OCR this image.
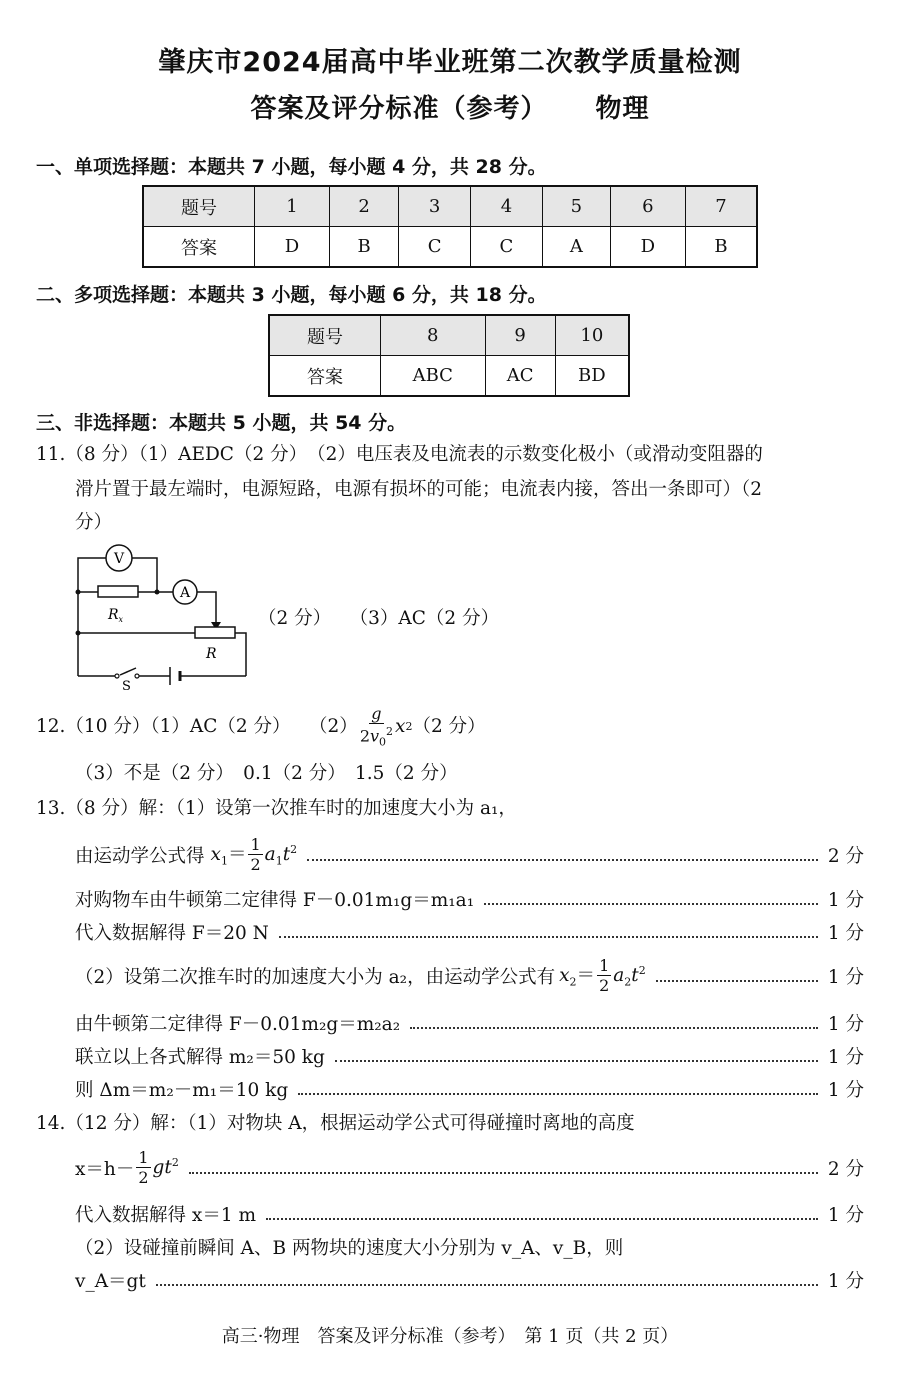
肇庆市2024届高中毕业班第二次教学质量检测
答案及评分标准（参考） 物理
一、单项选择题：本题共 7 小题，每小题 4 分，共 28 分。
题号	1	2	3	4	5	6	7
答案	D	B	C	C	A	D	B
二、多项选择题：本题共 3 小题，每小题 6 分，共 18 分。
题号	8	9	10
答案	ABC	AC	BD
三、非选择题：本题共 5 小题，共 54 分。
11.（8 分）（1）AEDC（2 分）　（2）电压表及电流表的示数变化极小（或滑动变阻器的
滑片置于最左端时，电源短路，电源有损坏的可能；电流表内接，答出一条即可）（2
分）
V
A
$R_x$
R
S
（2 分）　　（3）AC（2 分）
12.（10 分）（1）AC（2 分）　　$(2) \frac{g}{2v_0^2}$ x 2 （2 分）
（3）不是（2 分）　0.1（2 分）　1.5（2 分）
13.（8 分）解：（1）设第一次推车时的加速度大小为 a₁，
由运动学公式得 $x_1= \frac{1}{2} a_1t^2$	2 分
对购物车由牛顿第二定律得 F－0.01m₁g＝m₁a₁	1 分
代入数据解得 F＝20 N	1 分
（2）设第二次推车时的加速度大小为 a₂，由运动学公式有 $x_2= \frac{1}{2} a_2t^2$	1 分
由牛顿第二定律得 F－0.01m₂g＝m₂a₂	1 分
联立以上各式解得 m₂＝50 kg	1 分
则 Δm＝m₂－m₁＝10 kg	1 分
14.（12 分）解：（1）对物块 A，根据运动学公式可得碰撞时离地的高度
$x=h- \frac{1}{2} gt^2$	2 分
代入数据解得 x＝1 m	1 分
（2）设碰撞前瞬间 A、B 两物块的速度大小分别为 v_A、v_B，则
v_A＝gt	1 分
高三·物理　答案及评分标准（参考）　第 1 页（共 2 页）
